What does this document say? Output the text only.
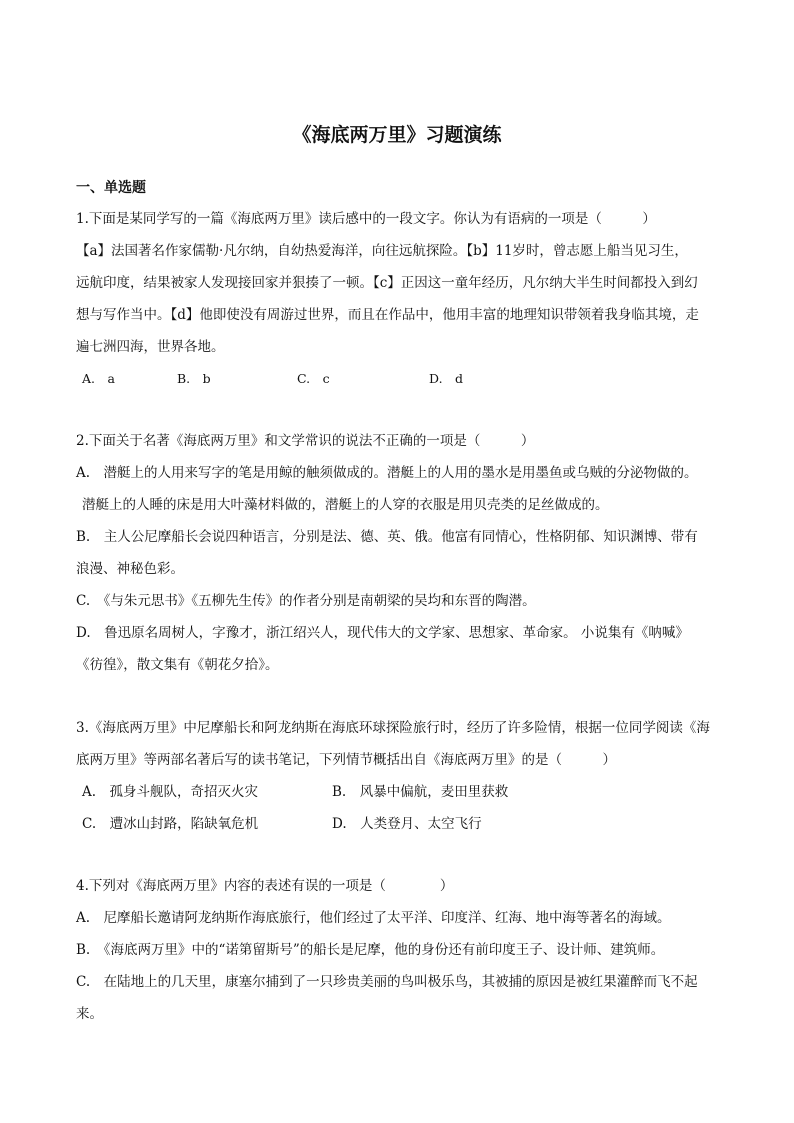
《海底两万里》习题演练
一、单选题

1.下面是某同学写的一篇《海底两万里》读后感中的一段文字。你认为有语病的一项是（　　　）

【a】法国著名作家儒勒·凡尔纳，自幼热爱海洋，向往远航探险。【b】11岁时，曾志愿上船当见习生，

远航印度，结果被家人发现接回家并狠揍了一顿。【c】正因这一童年经历，凡尔纳大半生时间都投入到幻

想与写作当中。【d】他即使没有周游过世界，而且在作品中，他用丰富的地理知识带领着我身临其境，走

遍七洲四海，世界各地。

A.　a	B.　b	C.　c	D.　d

2.下面关于名著《海底两万里》和文学常识的说法不正确的一项是（　　　）

A.　潜艇上的人用来写字的笔是用鲸的触须做成的。潜艇上的人用的墨水是用墨鱼或乌贼的分泌物做的。

潜艇上的人睡的床是用大叶藻材料做的，潜艇上的人穿的衣服是用贝壳类的足丝做成的。

B.　主人公尼摩船长会说四种语言，分别是法、德、英、俄。他富有同情心，性格阴郁、知识渊博、带有

浪漫、神秘色彩。

C.　《与朱元思书》《五柳先生传》的作者分别是南朝梁的吴均和东晋的陶潜。

D.　鲁迅原名周树人，字豫才，浙江绍兴人，现代伟大的文学家、思想家、革命家。 小说集有《呐喊》

《彷徨》，散文集有《朝花夕拾》。

3.《海底两万里》中尼摩船长和阿龙纳斯在海底环球探险旅行时，经历了许多险情，根据一位同学阅读《海

底两万里》等两部名著后写的读书笔记，下列情节概括出自《海底两万里》的是（　　　）

A.　孤身斗舰队，奇招灭火灾	B.　风暴中偏航，麦田里获救
C.　遭冰山封路，陷缺氧危机	D.　人类登月、太空飞行

4.下列对《海底两万里》内容的表述有误的一项是（　　　　）

A.　尼摩船长邀请阿龙纳斯作海底旅行，他们经过了太平洋、印度洋、红海、地中海等著名的海域。

B.　《海底两万里》中的“诺第留斯号”的船长是尼摩，他的身份还有前印度王子、设计师、建筑师。

C.　在陆地上的几天里，康塞尔捕到了一只珍贵美丽的鸟叫极乐鸟，其被捕的原因是被红果灌醉而飞不起

来。
